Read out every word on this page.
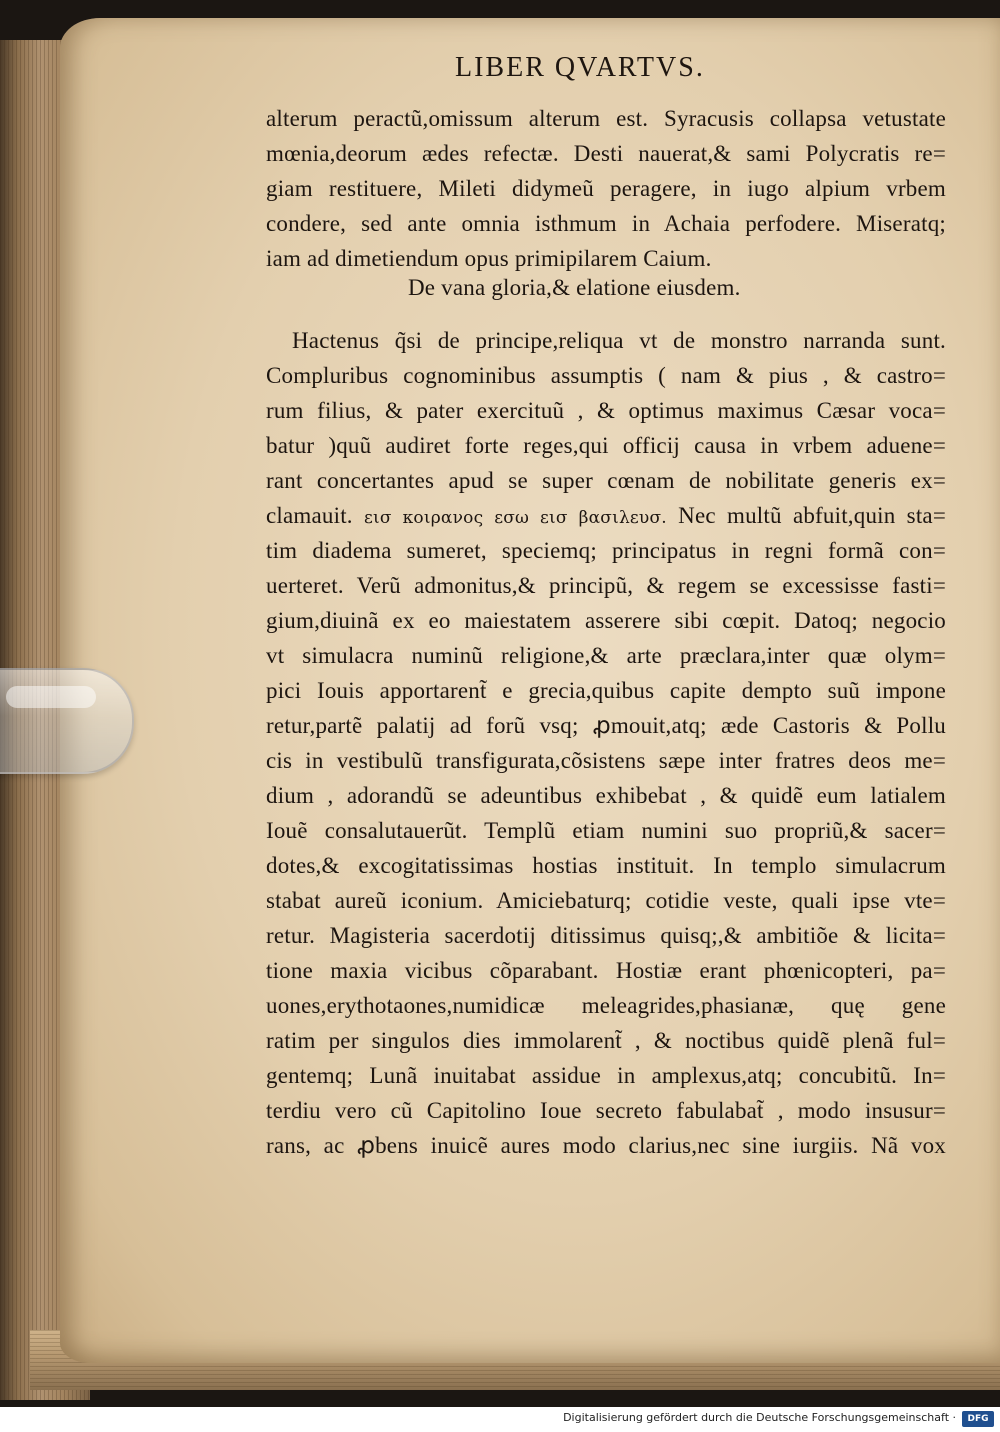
LIBER QVARTVS.
alterum peractũ,omissum alterum est. Syracusis collapsa vetustate
mœnia,deorum ædes refectæ. Desti nauerat,& sami Polycratis re=
giam restituere, Mileti didymeũ peragere, in iugo alpium vrbem
condere, sed ante omnia isthmum in Achaia perfodere. Miseratq;
iam ad dimetiendum opus primipilarem Caium.
De vana gloria,& elatione eiusdem.
Hactenus q̃si de principe,reliqua vt de monstro narranda sunt.
Compluribus cognominibus assumptis ( nam & pius , & castro=
rum filius, & pater exercituũ , & optimus maximus Cæsar voca=
batur )quũ audiret forte reges,qui officij causa in vrbem aduene=
rant concertantes apud se super cœnam de nobilitate generis ex=
clamauit. εισ κοιρανος εσω εισ βασιλευσ. Nec multũ abfuit,quin sta=
tim diadema sumeret, speciemq; principatus in regni formã con=
uerteret. Verũ admonitus,& principũ, & regem se excessisse fasti=
gium,diuinã ex eo maiestatem asserere sibi cœpit. Datoq; negocio
vt simulacra numinũ religione,& arte præclara,inter quæ olym=
pici Iouis apportarent̃ e grecia,quibus capite dempto suũ impone
retur,partẽ palatij ad forũ vsq; ꝓmouit,atq; æde Castoris & Pollu
cis in vestibulũ transfigurata,cõsistens sæpe inter fratres deos me=
dium , adorandũ se adeuntibus exhibebat , & quidẽ eum latialem
Iouẽ consalutauerũt. Templũ etiam numini suo propriũ,& sacer=
dotes,& excogitatissimas hostias instituit. In templo simulacrum
stabat aureũ iconium. Amiciebaturq; cotidie veste, quali ipse vte=
retur. Magisteria sacerdotij ditissimus quisq;,& ambitiõe & licita=
tione maxia vicibus cõparabant. Hostiæ erant phœnicopteri, pa=
uones,erythotaones,numidicæ meleagrides,phasianæ, quę gene
ratim per singulos dies immolarent̃ , & noctibus quidẽ plenã ful=
gentemq; Lunã inuitabat assidue in amplexus,atq; concubitũ. In=
terdiu vero cũ Capitolino Ioue secreto fabulabat̃ , modo insusur=
rans, ac ꝓbens inuicẽ aures modo clarius,nec sine iurgiis. Nã vox
Digitalisierung gefördert durch die Deutsche Forschungsgemeinschaft ·	DFG
